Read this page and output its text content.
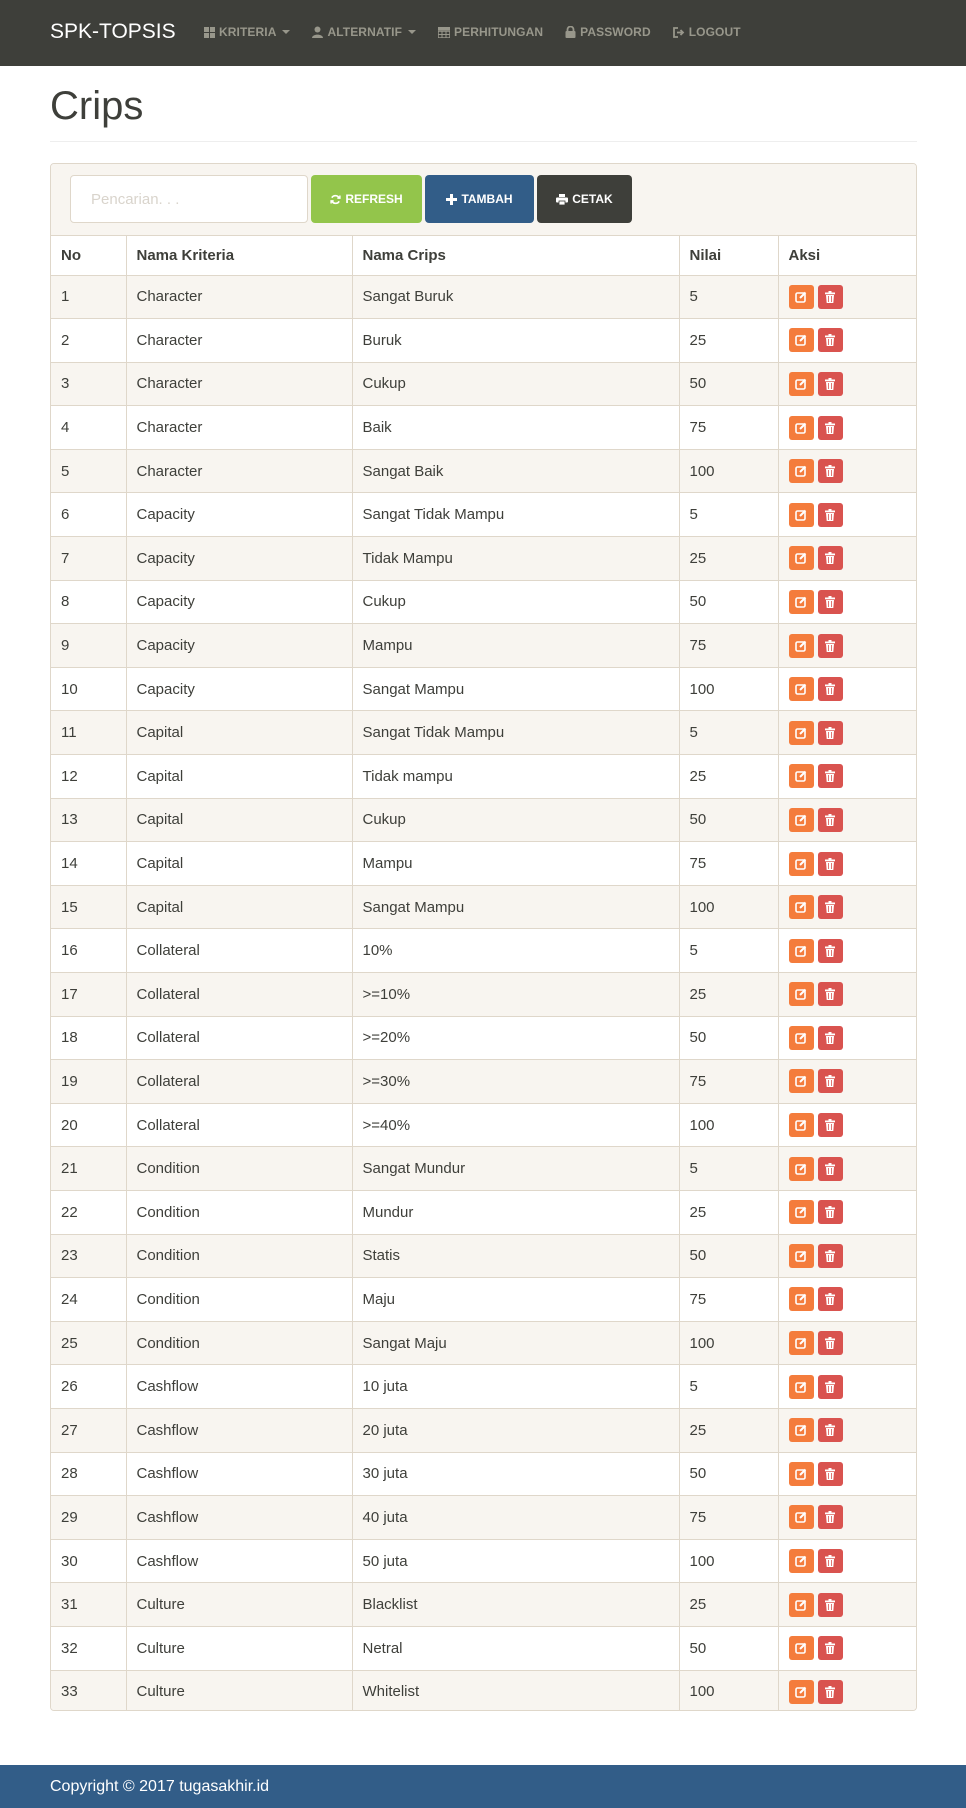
SPK-TOPSIS	KRITERIA	ALTERNATIF	PERHITUNGAN	PASSWORD	LOGOUT
Crips
Pencarian. . .
REFRESH	TAMBAH	CETAK
No	Nama Kriteria	Nama Crips	Nilai	Aksi
1	Character	Sangat Buruk	5	

2	Character	Buruk	25	

3	Character	Cukup	50	

4	Character	Baik	75	

5	Character	Sangat Baik	100	

6	Capacity	Sangat Tidak Mampu	5	

7	Capacity	Tidak Mampu	25	

8	Capacity	Cukup	50	

9	Capacity	Mampu	75	

10	Capacity	Sangat Mampu	100	

11	Capital	Sangat Tidak Mampu	5	

12	Capital	Tidak mampu	25	

13	Capital	Cukup	50	

14	Capital	Mampu	75	

15	Capital	Sangat Mampu	100	

16	Collateral	10%	5	

17	Collateral	>=10%	25	

18	Collateral	>=20%	50	

19	Collateral	>=30%	75	

20	Collateral	>=40%	100	

21	Condition	Sangat Mundur	5	

22	Condition	Mundur	25	

23	Condition	Statis	50	

24	Condition	Maju	75	

25	Condition	Sangat Maju	100	

26	Cashflow	10 juta	5	

27	Cashflow	20 juta	25	

28	Cashflow	30 juta	50	

29	Cashflow	40 juta	75	

30	Cashflow	50 juta	100	

31	Culture	Blacklist	25	

32	Culture	Netral	50	

33	Culture	Whitelist	100	
Copyright © 2017 tugasakhir.id
